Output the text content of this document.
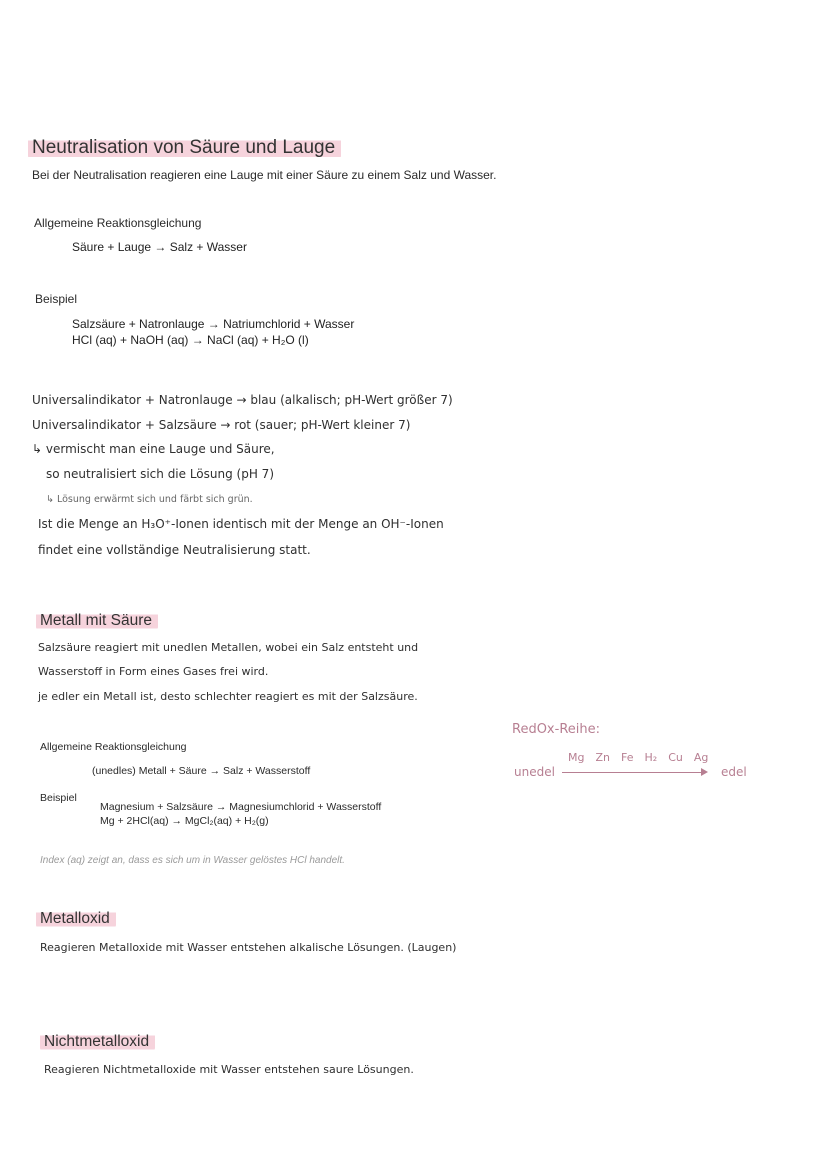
Neutralisation von Säure und Lauge
Bei der Neutralisation reagieren eine Lauge mit einer Säure zu einem Salz und Wasser.
Allgemeine Reaktionsgleichung
Säure + Lauge → Salz + Wasser
Beispiel
Salzsäure + Natronlauge → Natriumchlorid + Wasser
HCl (aq) + NaOH (aq) → NaCl (aq) + H₂O (l)
Universalindikator + Natronlauge → blau (alkalisch; pH-Wert größer 7)
Universalindikator + Salzsäure → rot (sauer; pH-Wert kleiner 7)
↳ vermischt man eine Lauge und Säure,
so neutralisiert sich die Lösung (pH 7)
↳ Lösung erwärmt sich und färbt sich grün.
Ist die Menge an H₃O⁺-Ionen identisch mit der Menge an OH⁻-Ionen
findet eine vollständige Neutralisierung statt.
Metall mit Säure
Salzsäure reagiert mit unedlen Metallen, wobei ein Salz entsteht und
Wasserstoff in Form eines Gases frei wird.
je edler ein Metall ist, desto schlechter reagiert es mit der Salzsäure.
Allgemeine Reaktionsgleichung
(unedles) Metall + Säure → Salz + Wasserstoff
Beispiel
Magnesium + Salzsäure → Magnesiumchlorid + Wasserstoff
Mg + 2HCl(aq) → MgCl₂(aq) + H₂(g)
Index (aq) zeigt an, dass es sich um in Wasser gelöstes HCl handelt.
RedOx-Reihe:
unedel	edel
Mg Zn Fe H₂ Cu Ag
Metalloxid
Reagieren Metalloxide mit Wasser entstehen alkalische Lösungen. (Laugen)
Nichtmetalloxid
Reagieren Nichtmetalloxide mit Wasser entstehen saure Lösungen.
